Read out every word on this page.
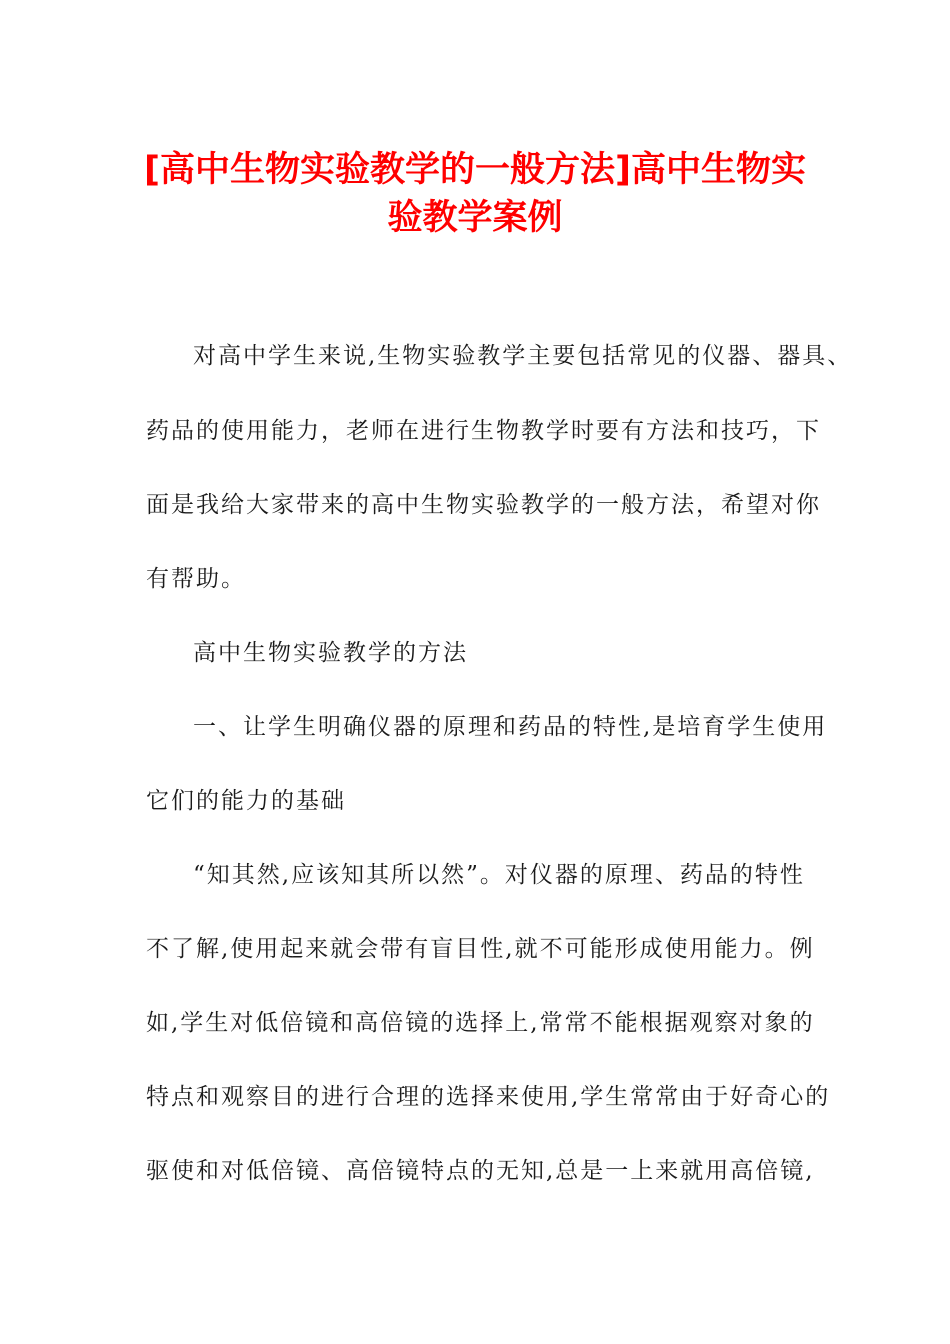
[高中生物实验教学的一般方法]高中生物实
验教学案例

对高中学生来说,生物实验教学主要包括常见的仪器、器具、

药品的使用能力，老师在进行生物教学时要有方法和技巧，下

面是我给大家带来的高中生物实验教学的一般方法，希望对你

有帮助。

高中生物实验教学的方法

一、让学生明确仪器的原理和药品的特性,是培育学生使用

它们的能力的基础

“知其然,应该知其所以然”。对仪器的原理、药品的特性

不了解,使用起来就会带有盲目性,就不可能形成使用能力。例

如,学生对低倍镜和高倍镜的选择上,常常不能根据观察对象的

特点和观察目的进行合理的选择来使用,学生常常由于好奇心的

驱使和对低倍镜、高倍镜特点的无知,总是一上来就用高倍镜,
